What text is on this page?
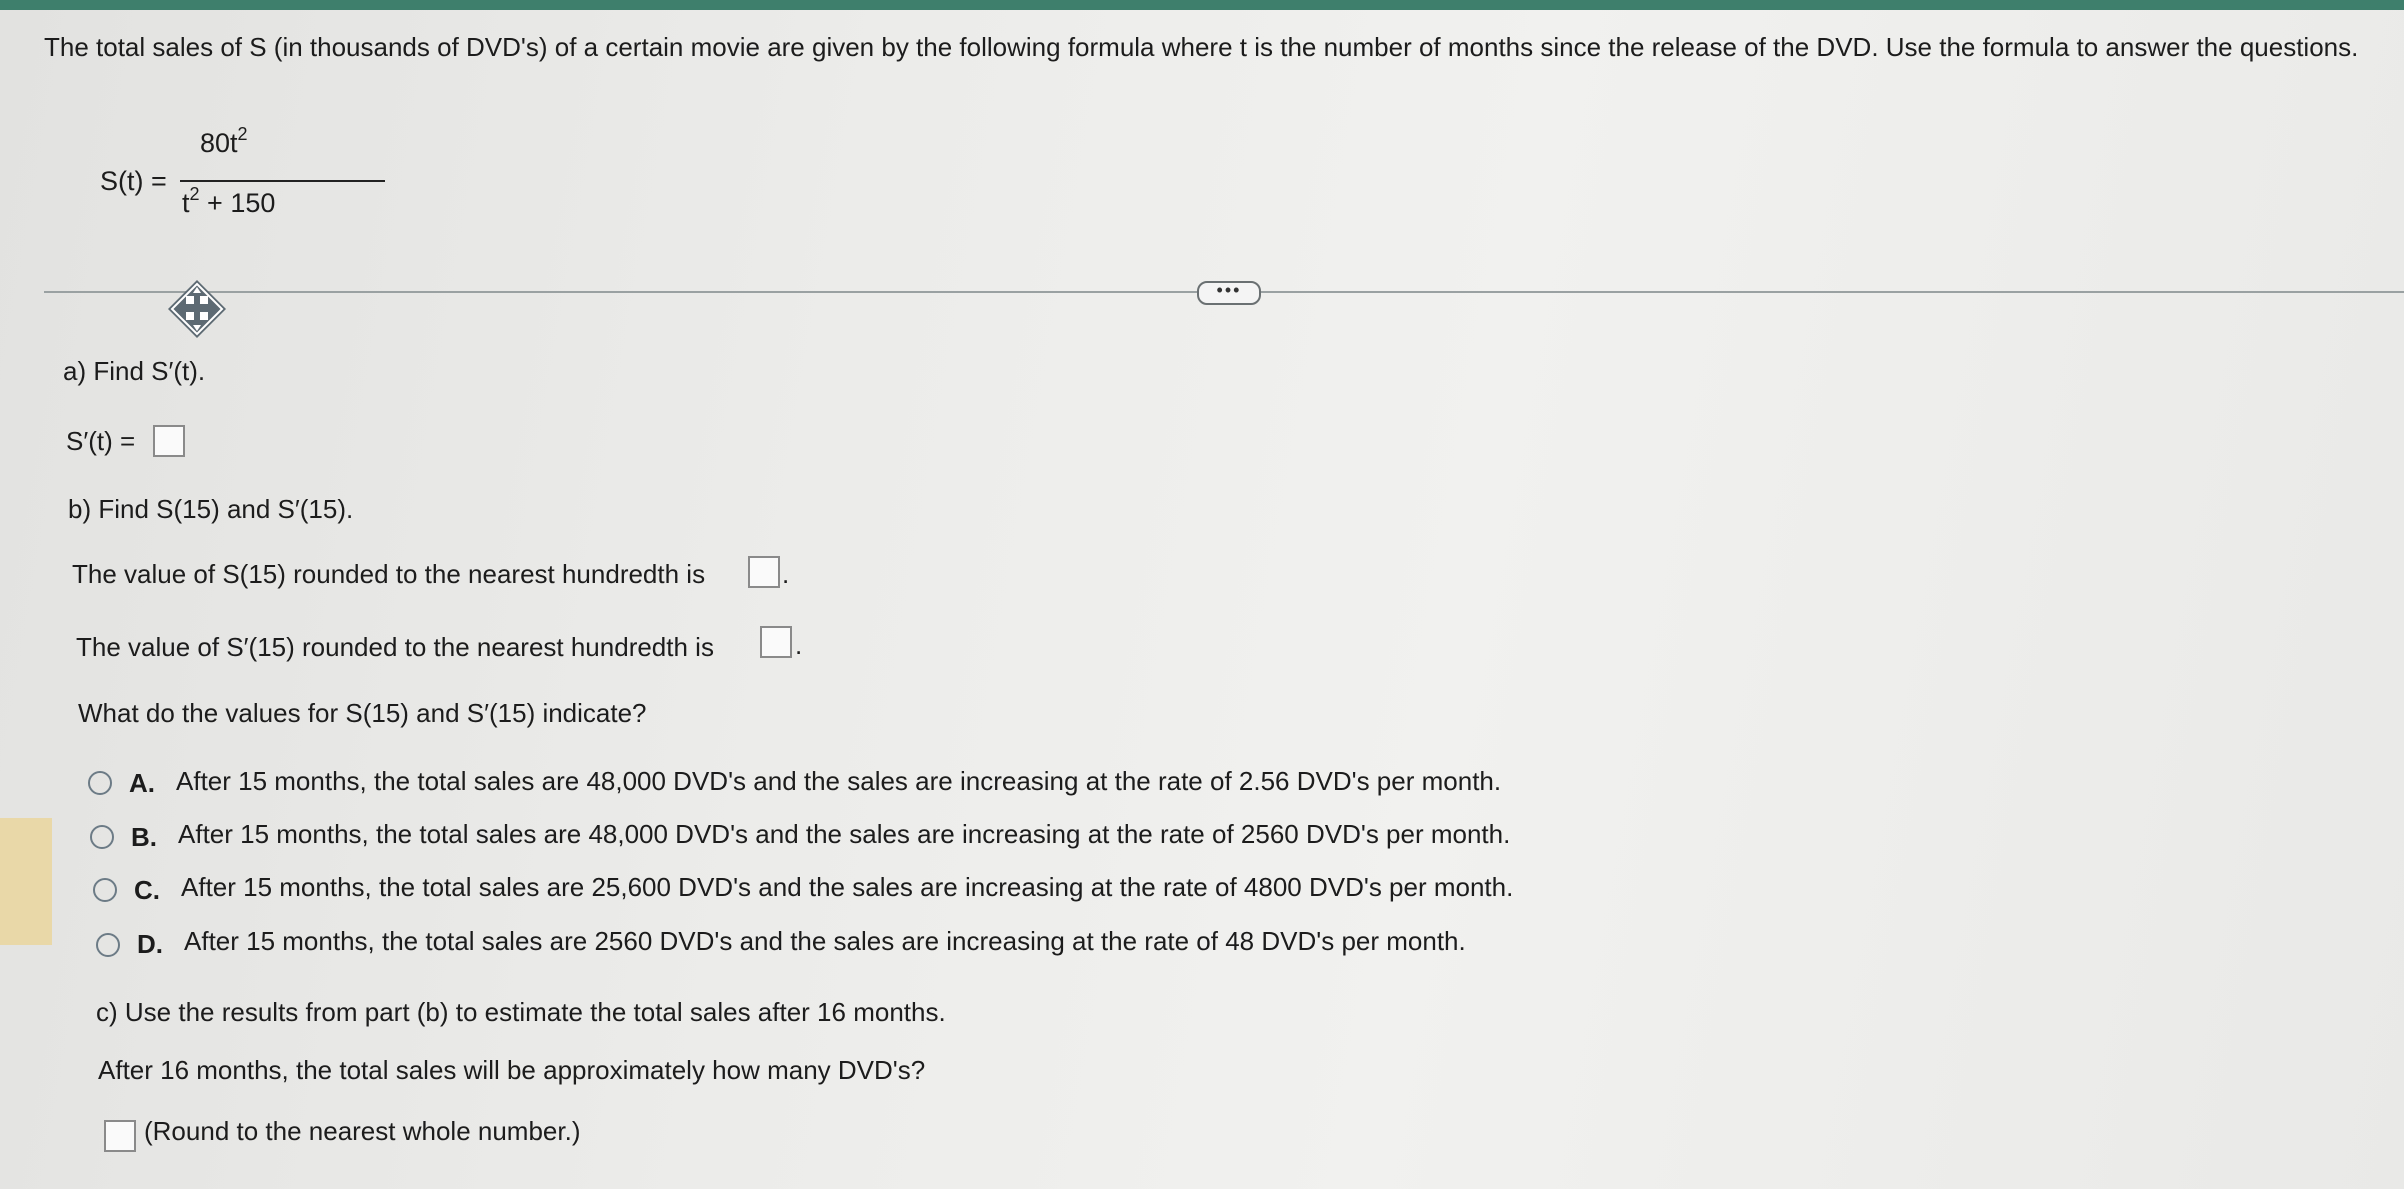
The total sales of S (in thousands of DVD's) of a certain movie are given by the following formula where t is the number of months since the release of the DVD. Use the formula to answer the questions.
S(t) =
$80t^2$
$t^2 + 150$
•••
a) Find S′(t).
S′(t) =
b) Find S(15) and S′(15).
The value of S(15) rounded to the nearest hundredth is	.
The value of S′(15) rounded to the nearest hundredth is	.
What do the values for S(15) and S′(15) indicate?
A. After 15 months, the total sales are 48,000 DVD's and the sales are increasing at the rate of 2.56 DVD's per month.
B. After 15 months, the total sales are 48,000 DVD's and the sales are increasing at the rate of 2560 DVD's per month.
C. After 15 months, the total sales are 25,600 DVD's and the sales are increasing at the rate of 4800 DVD's per month.
D. After 15 months, the total sales are 2560 DVD's and the sales are increasing at the rate of 48 DVD's per month.
c) Use the results from part (b) to estimate the total sales after 16 months.
After 16 months, the total sales will be approximately how many DVD's?
(Round to the nearest whole number.)
